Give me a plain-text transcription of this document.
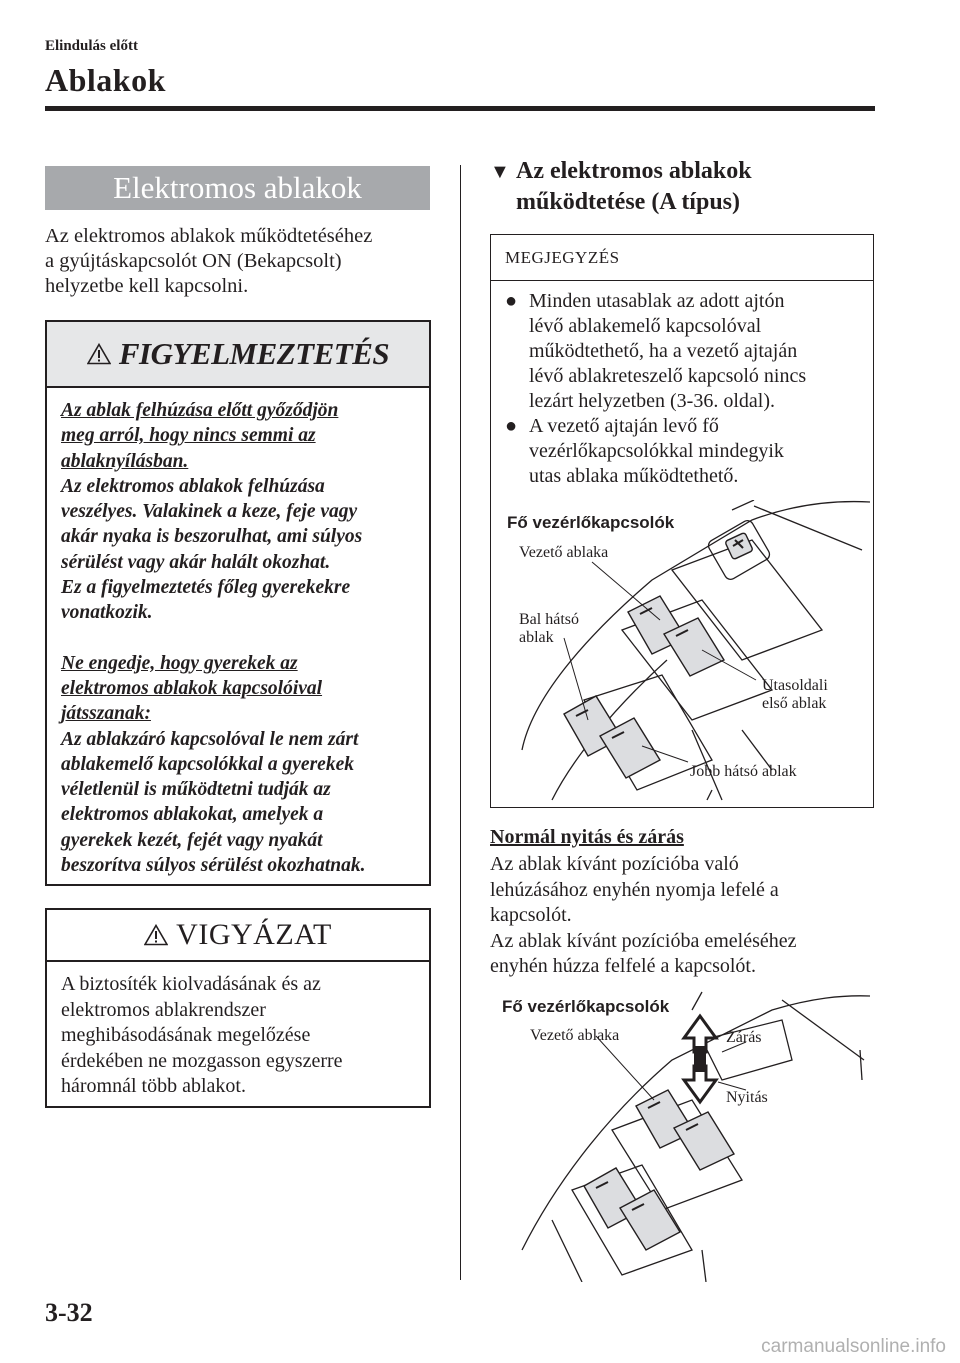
Elindulás előtt
Ablakok
Elektromos ablakok
Az elektromos ablakok működtetéséhez
a gyújtáskapcsolót ON (Bekapcsolt)
helyzetbe kell kapcsolni.
FIGYELMEZTETÉS
Az ablak felhúzása előtt győződjön
meg arról, hogy nincs semmi az
ablaknyílásban.
Az elektromos ablakok felhúzása
veszélyes. Valakinek a keze, feje vagy
akár nyaka is beszorulhat, ami súlyos
sérülést vagy akár halált okozhat.
Ez a figyelmeztetés főleg gyerekekre
vonatkozik.
Ne engedje, hogy gyerekek az
elektromos ablakok kapcsolóival
játsszanak:
Az ablakzáró kapcsolóval le nem zárt
ablakemelő kapcsolókkal a gyerekek
véletlenül is működtetni tudják az
elektromos ablakokat, amelyek a
gyerekek kezét, fejét vagy nyakát
beszorítva súlyos sérülést okozhatnak.
VIGYÁZAT
A biztosíték kiolvadásának és az
elektromos ablakrendszer
meghibásodásának megelőzése
érdekében ne mozgasson egyszerre
háromnál több ablakot.
▼ Az elektromos ablakok
működtetése (A típus)
MEGJEGYZÉS
● Minden utasablak az adott ajtón
lévő ablakemelő kapcsolóval
működtethető, ha a vezető ajtaján
lévő ablakreteszelő kapcsoló nincs
lezárt helyzetben (3-36. oldal).
● A vezető ajtaján levő fő
vezérlőkapcsolókkal mindegyik
utas ablaka működtethető.
Fő vezérlőkapcsolók
Vezető ablaka
Bal hátsó
ablak
Utasoldali
első ablak
Jobb hátsó ablak
Normál nyitás és zárás
Az ablak kívánt pozícióba való
lehúzásához enyhén nyomja lefelé a
kapcsolót.
Az ablak kívánt pozícióba emeléséhez
enyhén húzza felfelé a kapcsolót.
Fő vezérlőkapcsolók
Vezető ablaka	Zárás
Nyitás
3-32
carmanualsonline.info
